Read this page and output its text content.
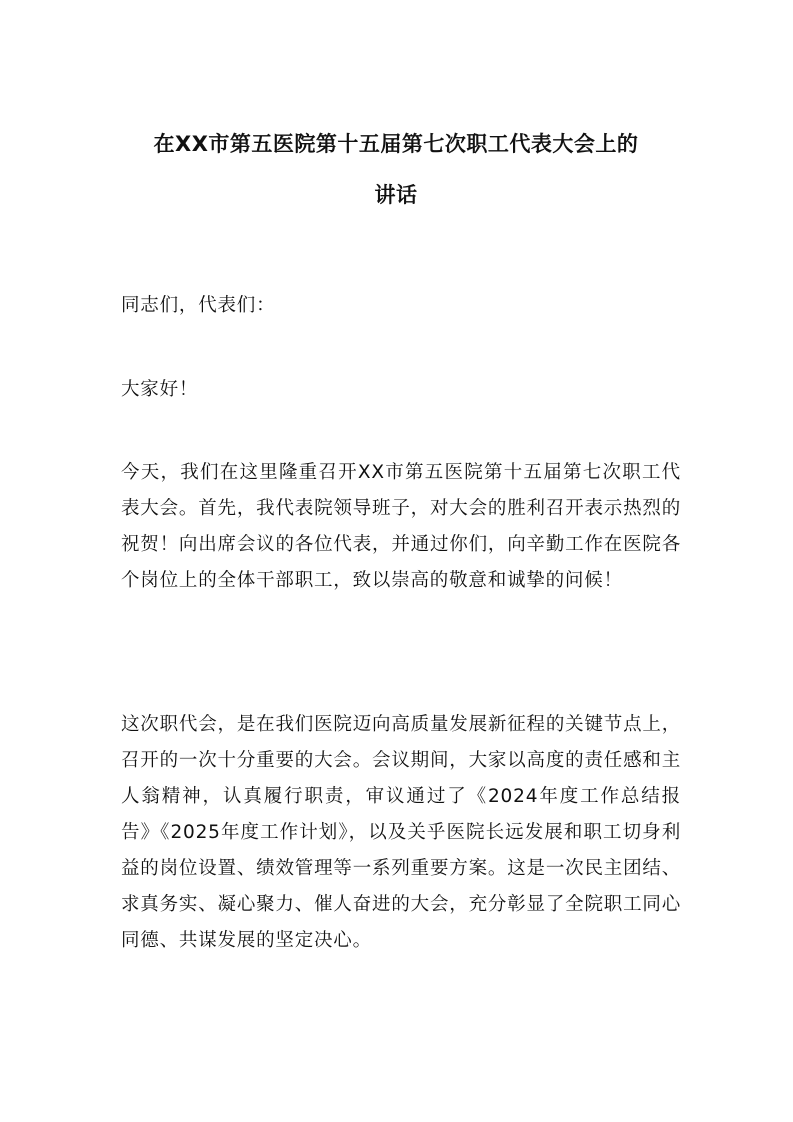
在XX市第五医院第十五届第七次职工代表大会上的
讲话

同志们，代表们：

大家好！

今天，我们在这里隆重召开XX市第五医院第十五届第七次职工代表大会。首先，我代表院领导班子，对大会的胜利召开表示热烈的祝贺！向出席会议的各位代表，并通过你们，向辛勤工作在医院各个岗位上的全体干部职工，致以崇高的敬意和诚挚的问候！

这次职代会，是在我们医院迈向高质量发展新征程的关键节点上，召开的一次十分重要的大会。会议期间，大家以高度的责任感和主人翁精神，认真履行职责，审议通过了《2024年度工作总结报告》《2025年度工作计划》，以及关乎医院长远发展和职工切身利益的岗位设置、绩效管理等一系列重要方案。这是一次民主团结、求真务实、凝心聚力、催人奋进的大会，充分彰显了全院职工同心同德、共谋发展的坚定决心。
